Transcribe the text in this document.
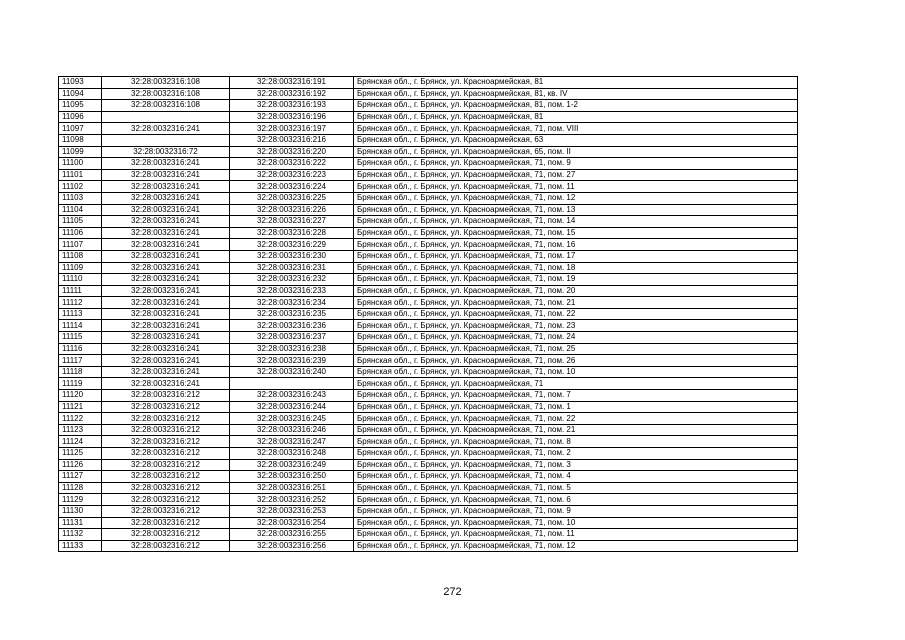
11093	32:28:0032316:108	32:28:0032316:191	Брянская обл., г. Брянск, ул. Красноармейская, 81
11094	32:28:0032316:108	32:28:0032316:192	Брянская обл., г. Брянск, ул. Красноармейская, 81, кв. IV
11095	32:28:0032316:108	32:28:0032316:193	Брянская обл., г. Брянск, ул. Красноармейская, 81, пом. 1-2
11096		32:28:0032316:196	Брянская обл., г. Брянск, ул. Красноармейская, 81
11097	32:28:0032316:241	32:28:0032316:197	Брянская обл., г. Брянск, ул. Красноармейская, 71, пом. VIII
11098		32:28:0032316:216	Брянская обл., г. Брянск, ул. Красноармейская, 63
11099	32:28:0032316:72	32:28:0032316:220	Брянская обл., г. Брянск, ул. Красноармейская, 65, пом. II
11100	32:28:0032316:241	32:28:0032316:222	Брянская обл., г. Брянск, ул. Красноармейская, 71, пом. 9
11101	32:28:0032316:241	32:28:0032316:223	Брянская обл., г. Брянск, ул. Красноармейская, 71, пом. 27
11102	32:28:0032316:241	32:28:0032316:224	Брянская обл., г. Брянск, ул. Красноармейская, 71, пом. 11
11103	32:28:0032316:241	32:28:0032316:225	Брянская обл., г. Брянск, ул. Красноармейская, 71, пом. 12
11104	32:28:0032316:241	32:28:0032316:226	Брянская обл., г. Брянск, ул. Красноармейская, 71, пом. 13
11105	32:28:0032316:241	32:28:0032316:227	Брянская обл., г. Брянск, ул. Красноармейская, 71, пом. 14
11106	32:28:0032316:241	32:28:0032316:228	Брянская обл., г. Брянск, ул. Красноармейская, 71, пом. 15
11107	32:28:0032316:241	32:28:0032316:229	Брянская обл., г. Брянск, ул. Красноармейская, 71, пом. 16
11108	32:28:0032316:241	32:28:0032316:230	Брянская обл., г. Брянск, ул. Красноармейская, 71, пом. 17
11109	32:28:0032316:241	32:28:0032316:231	Брянская обл., г. Брянск, ул. Красноармейская, 71, пом. 18
11110	32:28:0032316:241	32:28:0032316:232	Брянская обл., г. Брянск, ул. Красноармейская, 71, пом. 19
11111	32:28:0032316:241	32:28:0032316:233	Брянская обл., г. Брянск, ул. Красноармейская, 71, пом. 20
11112	32:28:0032316:241	32:28:0032316:234	Брянская обл., г. Брянск, ул. Красноармейская, 71, пом. 21
11113	32:28:0032316:241	32:28:0032316:235	Брянская обл., г. Брянск, ул. Красноармейская, 71, пом. 22
11114	32:28:0032316:241	32:28:0032316:236	Брянская обл., г. Брянск, ул. Красноармейская, 71, пом. 23
11115	32:28:0032316:241	32:28:0032316:237	Брянская обл., г. Брянск, ул. Красноармейская, 71, пом. 24
11116	32:28:0032316:241	32:28:0032316:238	Брянская обл., г. Брянск, ул. Красноармейская, 71, пом. 25
11117	32:28:0032316:241	32:28:0032316:239	Брянская обл., г. Брянск, ул. Красноармейская, 71, пом. 26
11118	32:28:0032316:241	32:28:0032316:240	Брянская обл., г. Брянск, ул. Красноармейская, 71, пом. 10
11119	32:28:0032316:241		Брянская обл., г. Брянск, ул. Красноармейская, 71
11120	32:28:0032316:212	32:28:0032316:243	Брянская обл., г. Брянск, ул. Красноармейская, 71, пом. 7
11121	32:28:0032316:212	32:28:0032316:244	Брянская обл., г. Брянск, ул. Красноармейская, 71, пом. 1
11122	32:28:0032316:212	32:28:0032316:245	Брянская обл., г. Брянск, ул. Красноармейская, 71, пом. 22
11123	32:28:0032316:212	32:28:0032316:246	Брянская обл., г. Брянск, ул. Красноармейская, 71, пом. 21
11124	32:28:0032316:212	32:28:0032316:247	Брянская обл., г. Брянск, ул. Красноармейская, 71, пом. 8
11125	32:28:0032316:212	32:28:0032316:248	Брянская обл., г. Брянск, ул. Красноармейская, 71, пом. 2
11126	32:28:0032316:212	32:28:0032316:249	Брянская обл., г. Брянск, ул. Красноармейская, 71, пом. 3
11127	32:28:0032316:212	32:28:0032316:250	Брянская обл., г. Брянск, ул. Красноармейская, 71, пом. 4
11128	32:28:0032316:212	32:28:0032316:251	Брянская обл., г. Брянск, ул. Красноармейская, 71, пом. 5
11129	32:28:0032316:212	32:28:0032316:252	Брянская обл., г. Брянск, ул. Красноармейская, 71, пом. 6
11130	32:28:0032316:212	32:28:0032316:253	Брянская обл., г. Брянск, ул. Красноармейская, 71, пом. 9
11131	32:28:0032316:212	32:28:0032316:254	Брянская обл., г. Брянск, ул. Красноармейская, 71, пом. 10
11132	32:28:0032316:212	32:28:0032316:255	Брянская обл., г. Брянск, ул. Красноармейская, 71, пом. 11
11133	32:28:0032316:212	32:28:0032316:256	Брянская обл., г. Брянск, ул. Красноармейская, 71, пом. 12
272
